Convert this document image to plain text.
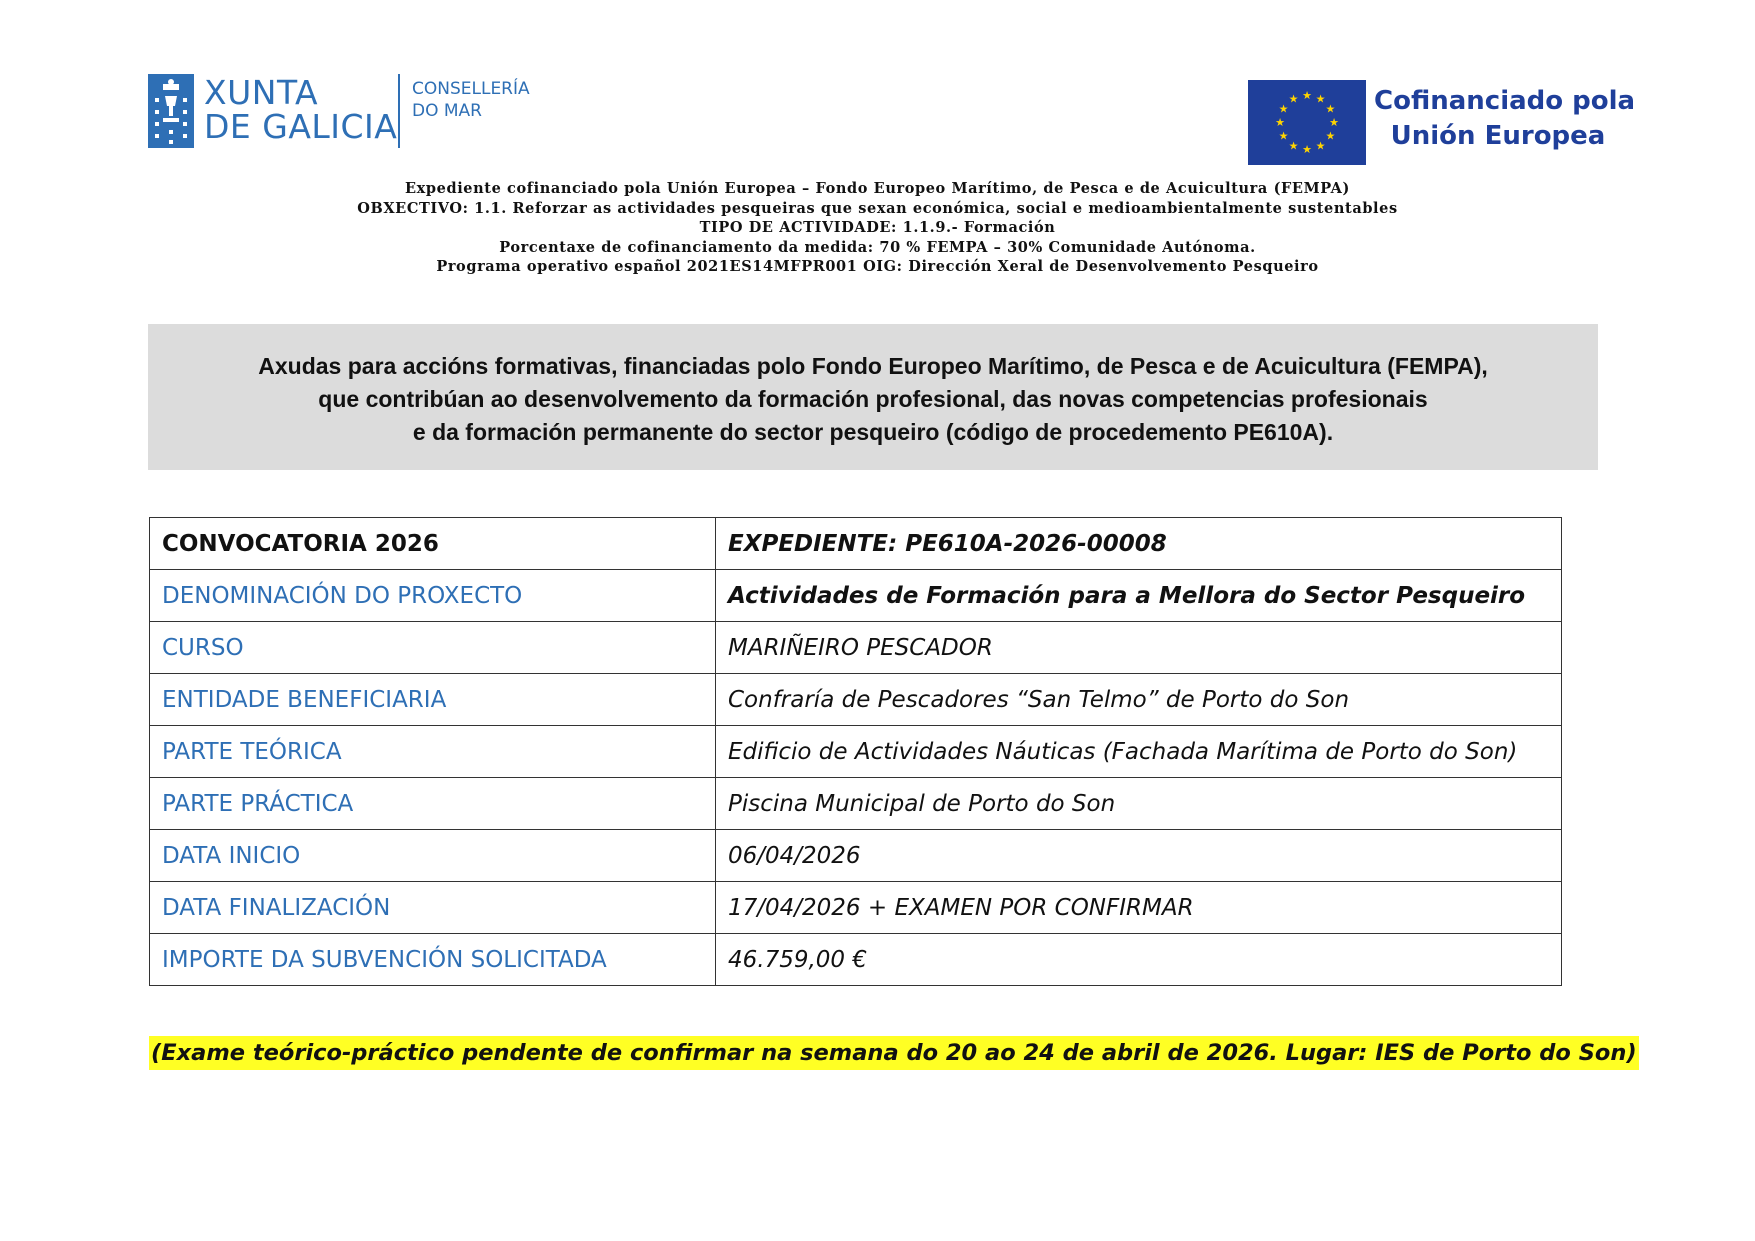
XUNTA
DE GALICIA
CONSELLERÍA
DO MAR
★ ★
★
★
★
★
★
★
★
★
★
★	Cofinanciado pola
Unión Europea
Expediente cofinanciado pola Unión Europea – Fondo Europeo Marítimo, de Pesca e de Acuicultura (FEMPA)
OBXECTIVO: 1.1. Reforzar as actividades pesqueiras que sexan económica, social e medioambientalmente sustentables
TIPO DE ACTIVIDADE: 1.1.9.- Formación
Porcentaxe de cofinanciamento da medida: 70 % FEMPA – 30% Comunidade Autónoma.
Programa operativo español 2021ES14MFPR001 OIG: Dirección Xeral de Desenvolvemento Pesqueiro
Axudas para accións formativas, financiadas polo Fondo Europeo Marítimo, de Pesca e de Acuicultura (FEMPA),
que contribúan ao desenvolvemento da formación profesional, das novas competencias profesionais
e da formación permanente do sector pesqueiro (código de procedemento PE610A).
CONVOCATORIA 2026	EXPEDIENTE: PE610A-2026-00008
DENOMINACIÓN DO PROXECTO	Actividades de Formación para a Mellora do Sector Pesqueiro
CURSO	MARIÑEIRO PESCADOR
ENTIDADE BENEFICIARIA	Confraría de Pescadores “San Telmo” de Porto do Son
PARTE TEÓRICA	Edificio de Actividades Náuticas (Fachada Marítima de Porto do Son)
PARTE PRÁCTICA	Piscina Municipal de Porto do Son
DATA INICIO	06/04/2026
DATA FINALIZACIÓN	17/04/2026 + EXAMEN POR CONFIRMAR
IMPORTE DA SUBVENCIÓN SOLICITADA	46.759,00 €
(Exame teórico-práctico pendente de confirmar na semana do 20 ao 24 de abril de 2026. Lugar: IES de Porto do Son)
